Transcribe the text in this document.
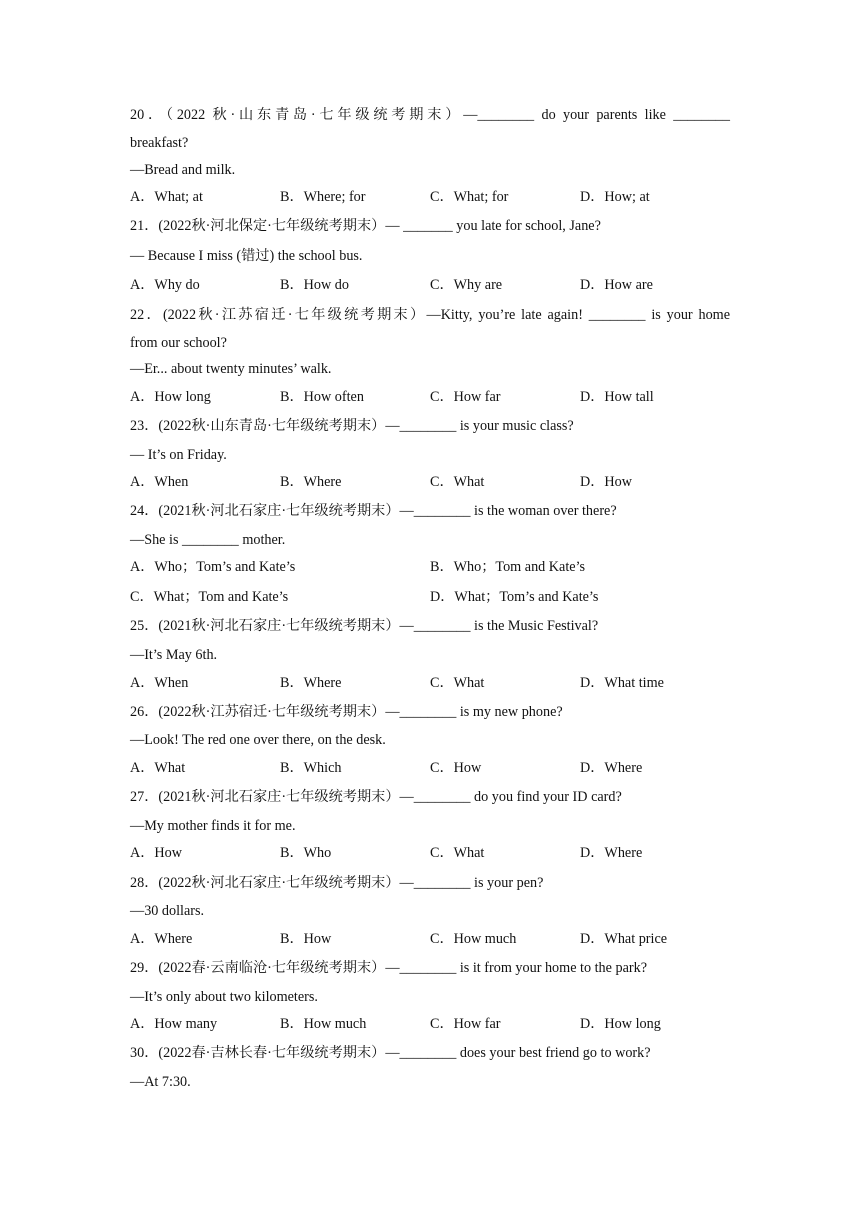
20．（2022 秋·山东青岛·七年级统考期末）—________ do your parents like ________
breakfast?
—Bread and milk.
A．What; at	B．Where; for	C．What; for	D．How; at
21．(2022秋·河北保定·七年级统考期末）— _______ you late for school, Jane?
— Because I miss (错过) the school bus.
A．Why do	B．How do	C．Why are	D．How are
22．(2022秋·江苏宿迁·七年级统考期末）—Kitty, you’re late again! ________ is your home
from our school?
—Er... about twenty minutes’ walk.
A．How long	B．How often	C．How far	D．How tall
23．(2022秋·山东青岛·七年级统考期末）—________ is your music class?
— It’s on Friday.
A．When	B．Where	C．What	D．How
24．(2021秋·河北石家庄·七年级统考期末）—________ is the woman over there?
—She is ________ mother.
A．Who；Tom’s and Kate’s	B．Who；Tom and Kate’s
C．What；Tom and Kate’s	D．What；Tom’s and Kate’s
25．(2021秋·河北石家庄·七年级统考期末）—________ is the Music Festival?
—It’s May 6th.
A．When	B．Where	C．What	D．What time
26．(2022秋·江苏宿迁·七年级统考期末）—________ is my new phone?
—Look! The red one over there, on the desk.
A．What	B．Which	C．How	D．Where
27．(2021秋·河北石家庄·七年级统考期末）—________ do you find your ID card?
—My mother finds it for me.
A．How	B．Who	C．What	D．Where
28．(2022秋·河北石家庄·七年级统考期末）—________ is your pen?
—30 dollars.
A．Where	B．How	C．How much	D．What price
29．(2022春·云南临沧·七年级统考期末）—________ is it from your home to the park?
—It’s only about two kilometers.
A．How many	B．How much	C．How far	D．How long
30．(2022春·吉林长春·七年级统考期末）—________ does your best friend go to work?
—At 7:30.
